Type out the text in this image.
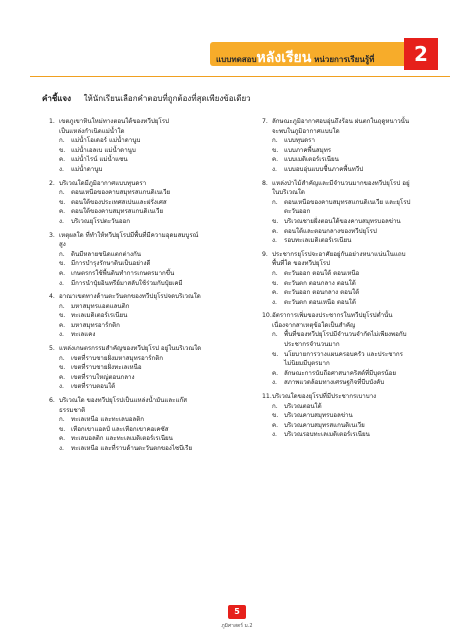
แบบทดสอบหลังเรียน หน่วยการเรียนรู้ที่	2
คำชี้แจง ให้นักเรียนเลือกคำตอบที่ถูกต้องที่สุดเพียงข้อเดียว
1. เขตภูเขาหินใหม่ทางตอนใต้ของทวีปยุโรป
เป็นแหล่งกำเนิดแม่น้ำใด
ก.	แม่น้ำโอเดอร์ แม่น้ำดานูบ
ข. แม่น้ำเอลเบ แม่น้ำดานูบ
ค. แม่น้ำไรน์ แม่น้ำแซน
ง.	แม่น้ำดานูบ
2. บริเวณใดมีภูมิอากาศแบบทุนดรา
ก.	ตอนเหนือของคาบสมุทรสแกนดิเนเวีย
ข. ตอนใต้ของประเทศสเปนและฝรั่งเศส
ค. ตอนใต้ของคาบสมุทรสแกนดิเนเวีย
ง.	บริเวณยุโรปตะวันออก
3. เหตุผลใด ที่ทำให้ทวีปยุโรปมีพื้นที่มีความอุดมสมบูรณ์
สูง
ก.	ดินมีหลายชนิดแตกต่างกัน
ข. มีการบำรุงรักษาดินเป็นอย่างดี
ค. เกษตรกรใช้พื้นดินทำการเกษตรมากขึ้น
ง.	มีการนำปุ๋ยอินทรีย์มาสลับใช้ร่วมกับปุ๋ยเคมี
4. อาณาเขตทางด้านตะวันตกของทวีปยุโรปจดบริเวณใด
ก.	มหาสมุทรแอตแลนติก
ข. ทะเลเมดิเตอร์เรเนียน
ค. มหาสมุทรอาร์กติก
ง.	ทะเลแคง
5. แหล่งเกษตรกรรมสำคัญของทวีปยุโรป อยู่ในบริเวณใด
ก.	เขตที่ราบชายฝั่งมหาสมุทรอาร์กติก
ข. เขตที่ราบชายฝั่งทะเลเหนือ
ค. เขตที่ราบใหญ่ตอนกลาง
ง.	เขตที่ราบตอนใต้
6. บริเวณใด ของทวีปยุโรปเป็นแหล่งน้ำมันและแก๊ส
ธรรมชาติ
ก.	ทะเลเหนือ และทะเลบอลติก
ข. เทือกเขาแอลป์ และเทือกเขาคอเคซัส
ค. ทะเลบอลติก และทะเลเมดิเตอร์เรเนียน
ง.	ทะเลเหนือ และที่ราบด้านตะวันตกของไซบีเรีย
7. ลักษณะภูมิอากาศอบอุ่นถึงร้อน ฝนตกในฤดูหนาวนั้น
จะพบในภูมิอากาศแบบใด
ก.	แบบทุนดรา
ข. แบบภาคพื้นสมุทร
ค. แบบเมดิเตอร์เรเนียน
ง.	แบบอบอุ่นแบบชื้นภาคพื้นทวีป
8. แหล่งป่าไม้สำคัญและมีจำนวนมากของทวีปยุโรป อยู่
ในบริเวณใด
ก.	ตอนเหนือของคาบสมุทรสแกนดิเนเวีย และยุโรป
ตะวันออก
ข. บริเวณชายฝั่งตอนใต้ของคาบสมุทรบอลข่าน
ค. ตอนใต้และตอนกลางของทวีปยุโรป
ง.	รอบทะเลเมดิเตอร์เรเนียน
9. ประชากรยุโรปจะอาศัยอยู่กันอย่างหนาแน่นในแถบ
พื้นที่ใด ของทวีปยุโรป
ก.	ตะวันออก ตอนใต้ ตอนเหนือ
ข. ตะวันตก ตอนกลาง ตอนใต้
ค. ตะวันออก ตอนกลาง ตอนใต้
ง.	ตะวันตก ตอนเหนือ ตอนใต้
10. อัตราการเพิ่มของประชากรในทวีปยุโรปต่ำนั้น
เนื่องจากสาเหตุข้อใดเป็นสำคัญ
ก.	พื้นที่ของทวีปยุโรปมีจำนวนจำกัดไม่เพียงพอกับ
ประชากรจำนวนมาก
ข. นโยบายการวางแผนครอบครัว และประชากร
ไม่นิยมมีบุตรมาก
ค. ลักษณะการนับถือศาสนาคริสต์ที่มีบุตรน้อย
ง.	สภาพแวดล้อมทางเศรษฐกิจที่บีบบังคับ
11. บริเวณใดของยุโรปที่มีประชากรเบาบาง
ก.	บริเวณตอนใต้
ข. บริเวณคาบสมุทรบอลข่าน
ค. บริเวณคาบสมุทรสแกนดิเนเวีย
ง.	บริเวณรอบทะเลเมดิเตอร์เรเนียน
5
ภูมิศาสตร์ ม.2
